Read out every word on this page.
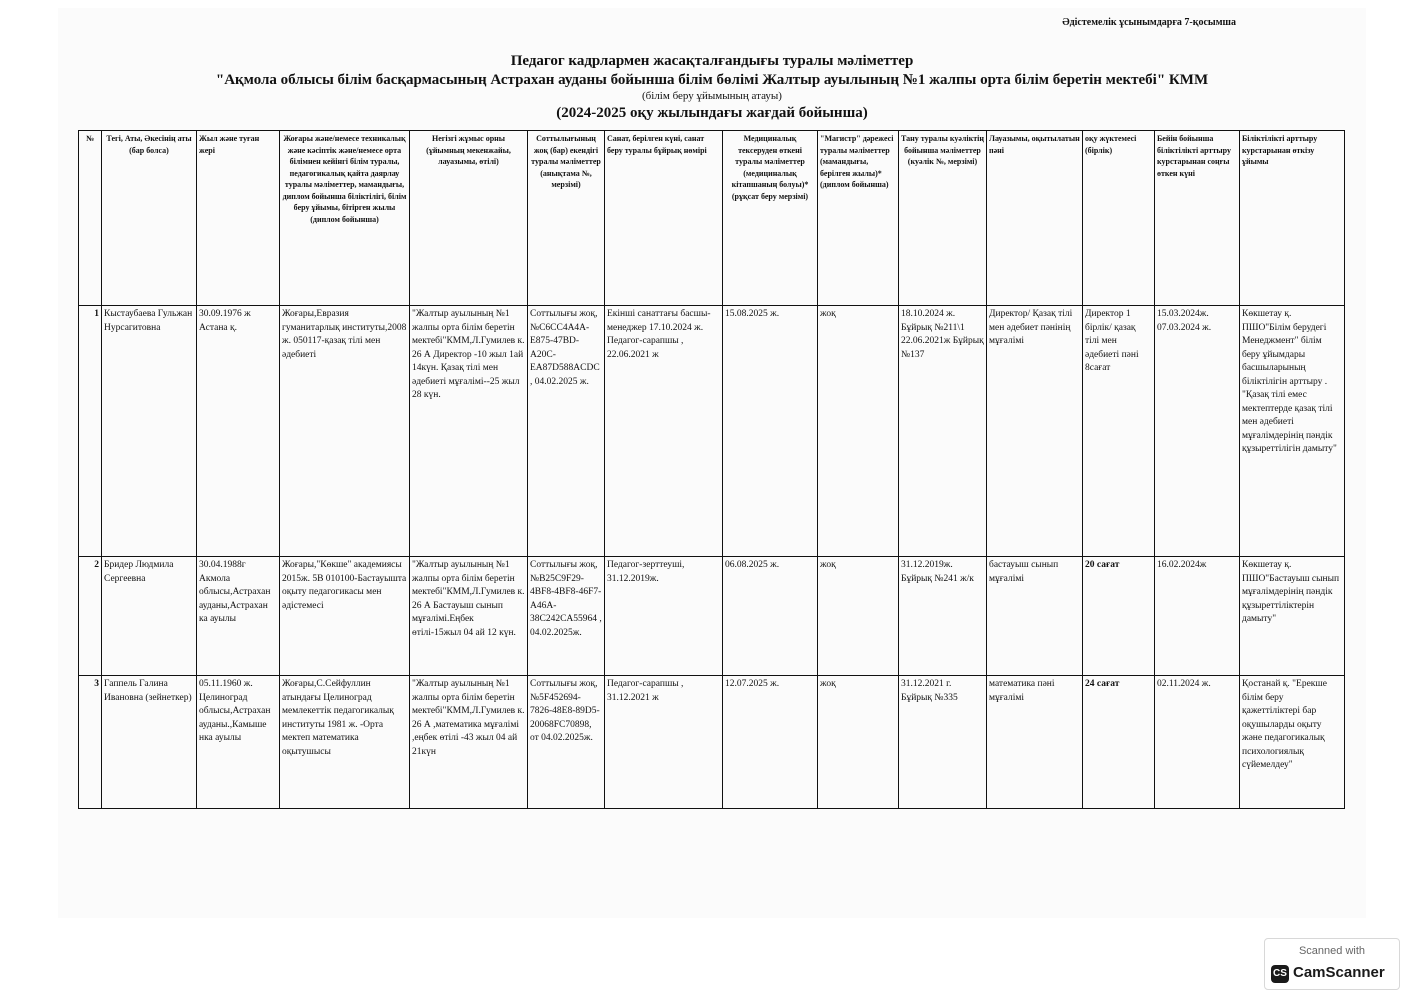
Әдістемелік ұсынымдарға 7-қосымша
Педагог кадрлармен жасақталғандығы туралы мәліметтер
"Ақмола облысы білім басқармасының Астрахан ауданы бойынша білім бөлімі Жалтыр ауылының №1 жалпы орта білім беретін мектебі" КММ
(білім беру ұйымының атауы)
(2024-2025 оқу жылындағы жағдай бойынша)
№	Тегі, Аты, Әкесінің аты (бар болса)	Жыл және туған жері	Жоғары және/немесе техникалық және кәсіптік және/немесе орта білімнен кейінгі білім туралы, педагогикалық қайта даярлау туралы мәліметтер, мамандығы, диплом бойынша біліктілігі, білім беру ұйымы, бітірген жылы (диплом бойынша)	Негізгі жұмыс орны (ұйымның мекенжайы, лауазымы, өтілі)	Соттылығының жоқ (бар) екендігі туралы мәліметтер (анықтама №, мерзімі)	Санат, берілген күні, санат беру туралы бұйрық нөмірі	Медициналық тексеруден өткені туралы мәліметтер (медициналық кітапшаның болуы)* (рұқсат беру мерзімі)	"Магистр" дәрежесі туралы мәліметтер (мамандығы, берілген жылы)* (диплом бойынша)	Тану туралы куәліктің бойынша мәліметтер (куәлік №, мерзімі)	Лауазымы, оқытылатын пәні	оқу жүктемесі (бірлік)	Бейін бойынша біліктілікті арттыру курстарынан соңғы өткен күні	Біліктілікті арттыру курстарынан өткізу ұйымы
1	Кыстаубаева Гульжан Нурсагитовна	30.09.1976 ж Астана қ.	Жоғары,Евразия гуманитарлық институты,2008 ж. 050117-қазақ тілі мен әдебиеті	"Жалтыр ауылының №1 жалпы орта білім беретін мектебі"КММ,Л.Гумилев к. 26 А Директор -10 жыл 1ай 14күн. Қазақ тілі мен әдебиеті мұғалімі--25 жыл 28 күн.	Соттылығы жоқ,№C6CC4A4A-E875-47BD-A20C-EA87D588ACDC, 04.02.2025 ж.	Екінші санаттағы басшы-менеджер 17.10.2024 ж. Педагог-сарапшы , 22.06.2021 ж	15.08.2025 ж.	жоқ	18.10.2024 ж. Бұйрық №211\1 22.06.2021ж Бұйрық №137	Директор/ Қазақ тілі мен әдебиет пәнінің мұғалімі	Директор 1 бірлік/ қазақ тілі мен әдебиеті пәні 8сағат	15.03.2024ж. 07.03.2024 ж.	Көкшетау қ. ПШО"Білім берудегі Менеджмент" білім беру ұйымдары басшыларының біліктілігін арттыру . "Қазақ тілі емес мектептерде қазақ тілі мен әдебиеті мұғалімдерінің пәндік құзыреттілігін дамыту"
2	Бридер Людмила Сергеевна	30.04.1988г Акмола облысы,Астрахан ауданы,Астрахан ка ауылы	Жоғары,"Көкше" академиясы 2015ж. 5В 010100-Бастауышта оқыту педагогикасы мен әдістемесі	"Жалтыр ауылының №1 жалпы орта білім беретін мектебі"КММ,Л.Гумилев к. 26 А Бастауыш сынып мұғалімі.Еңбек өтілі-15жыл 04 ай 12 күн.	Соттылығы жоқ,№B25C9F29-4BF8-4BF8-46F7-A46A-38C242CA55964 , 04.02.2025ж.	Педагог-зерттеуші, 31.12.2019ж.	06.08.2025 ж.	жоқ	31.12.2019ж. Бұйрық №241 ж/к	бастауыш сынып мұғалімі	20 сағат	16.02.2024ж	Көкшетау қ. ПШО"Бастауыш сынып мұғалімдерінің пәндік құзыреттіліктерін дамыту"
3	Гаппель Галина Ивановна (зейнеткер)	05.11.1960 ж. Целиноград облысы,Астрахан ауданы.,Камыше нка ауылы	Жоғары,С.Сейфуллин атындағы Целиноград мемлекеттік педагогикалық институты 1981 ж. -Орта мектеп математика оқытушысы	"Жалтыр ауылының №1 жалпы орта білім беретін мектебі"КММ,Л.Гумилев к. 26 А ,математика мұғалімі ,еңбек өтілі -43 жыл 04 ай 21күн	Соттылығы жоқ,№5F452694-7826-48E8-89D5-20068FC70898, от 04.02.2025ж.	Педагог-сарапшы , 31.12.2021 ж	12.07.2025 ж.	жоқ	31.12.2021 г. Бұйрық №335	математика пәні мұғалімі	24 сағат	02.11.2024 ж.	Қостанай қ. "Ерекше білім беру қажеттіліктері бар оқушыларды оқыту және педагогикалық психологиялық сүйемелдеу"
Scanned with
CS CamScanner
